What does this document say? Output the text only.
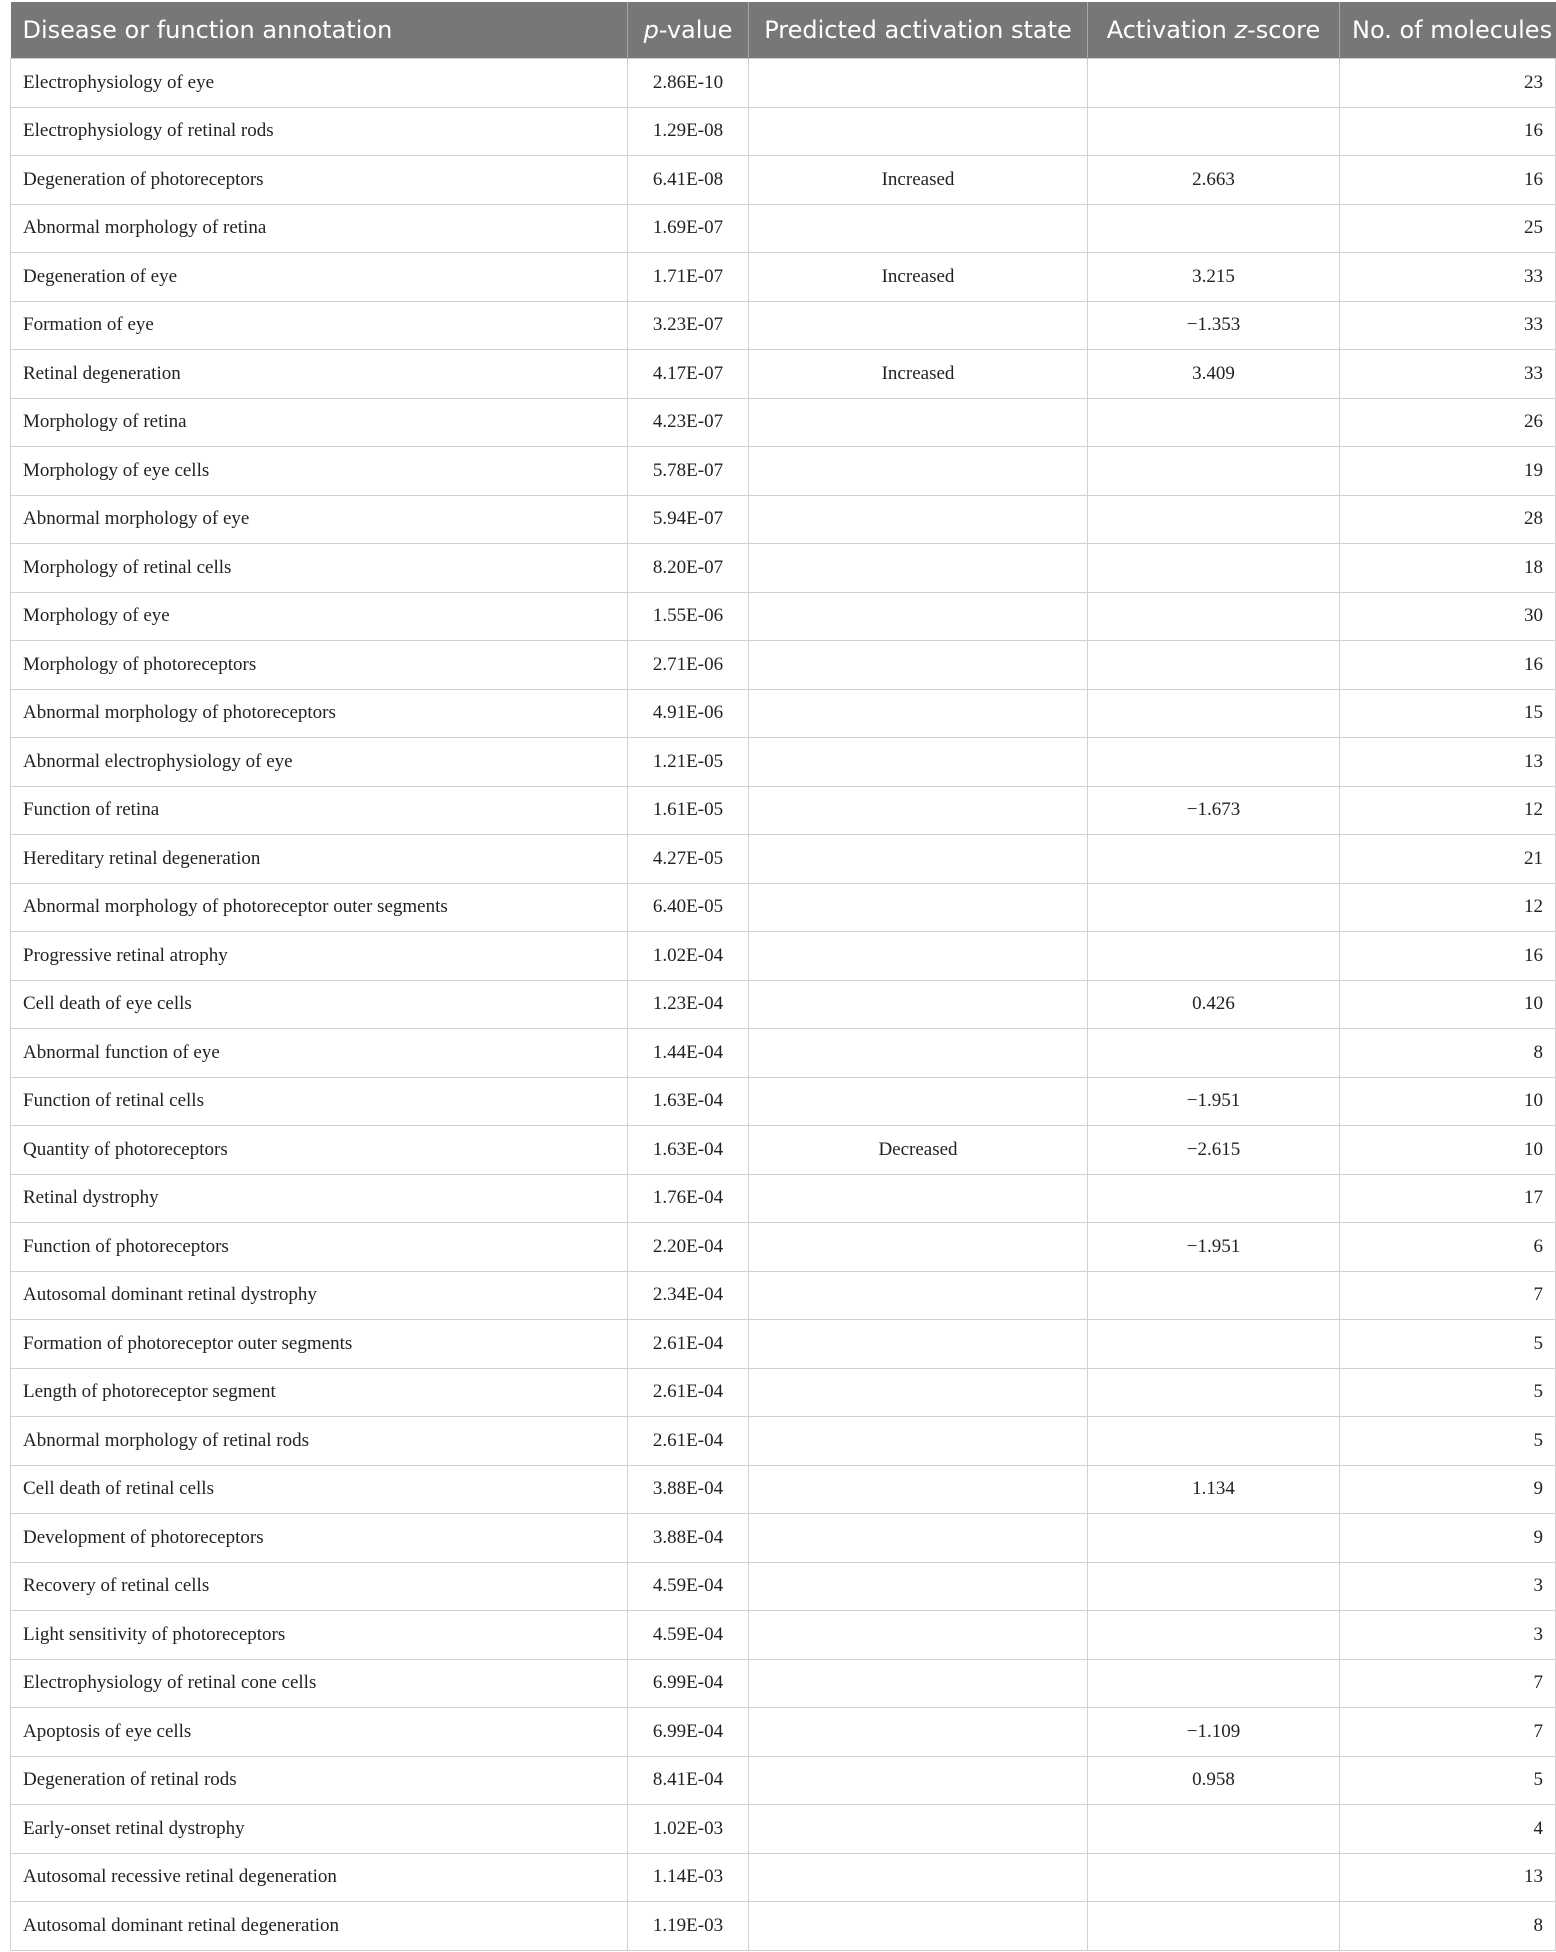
Disease or function annotation	p-value	Predicted activation state	Activation z-score	No. of molecules
Electrophysiology of eye	2.86E-10			23
Electrophysiology of retinal rods	1.29E-08			16
Degeneration of photoreceptors	6.41E-08	Increased	2.663	16
Abnormal morphology of retina	1.69E-07			25
Degeneration of eye	1.71E-07	Increased	3.215	33
Formation of eye	3.23E-07		−1.353	33
Retinal degeneration	4.17E-07	Increased	3.409	33
Morphology of retina	4.23E-07			26
Morphology of eye cells	5.78E-07			19
Abnormal morphology of eye	5.94E-07			28
Morphology of retinal cells	8.20E-07			18
Morphology of eye	1.55E-06			30
Morphology of photoreceptors	2.71E-06			16
Abnormal morphology of photoreceptors	4.91E-06			15
Abnormal electrophysiology of eye	1.21E-05			13
Function of retina	1.61E-05		−1.673	12
Hereditary retinal degeneration	4.27E-05			21
Abnormal morphology of photoreceptor outer segments	6.40E-05			12
Progressive retinal atrophy	1.02E-04			16
Cell death of eye cells	1.23E-04		0.426	10
Abnormal function of eye	1.44E-04			8
Function of retinal cells	1.63E-04		−1.951	10
Quantity of photoreceptors	1.63E-04	Decreased	−2.615	10
Retinal dystrophy	1.76E-04			17
Function of photoreceptors	2.20E-04		−1.951	6
Autosomal dominant retinal dystrophy	2.34E-04			7
Formation of photoreceptor outer segments	2.61E-04			5
Length of photoreceptor segment	2.61E-04			5
Abnormal morphology of retinal rods	2.61E-04			5
Cell death of retinal cells	3.88E-04		1.134	9
Development of photoreceptors	3.88E-04			9
Recovery of retinal cells	4.59E-04			3
Light sensitivity of photoreceptors	4.59E-04			3
Electrophysiology of retinal cone cells	6.99E-04			7
Apoptosis of eye cells	6.99E-04		−1.109	7
Degeneration of retinal rods	8.41E-04		0.958	5
Early-onset retinal dystrophy	1.02E-03			4
Autosomal recessive retinal degeneration	1.14E-03			13
Autosomal dominant retinal degeneration	1.19E-03			8
